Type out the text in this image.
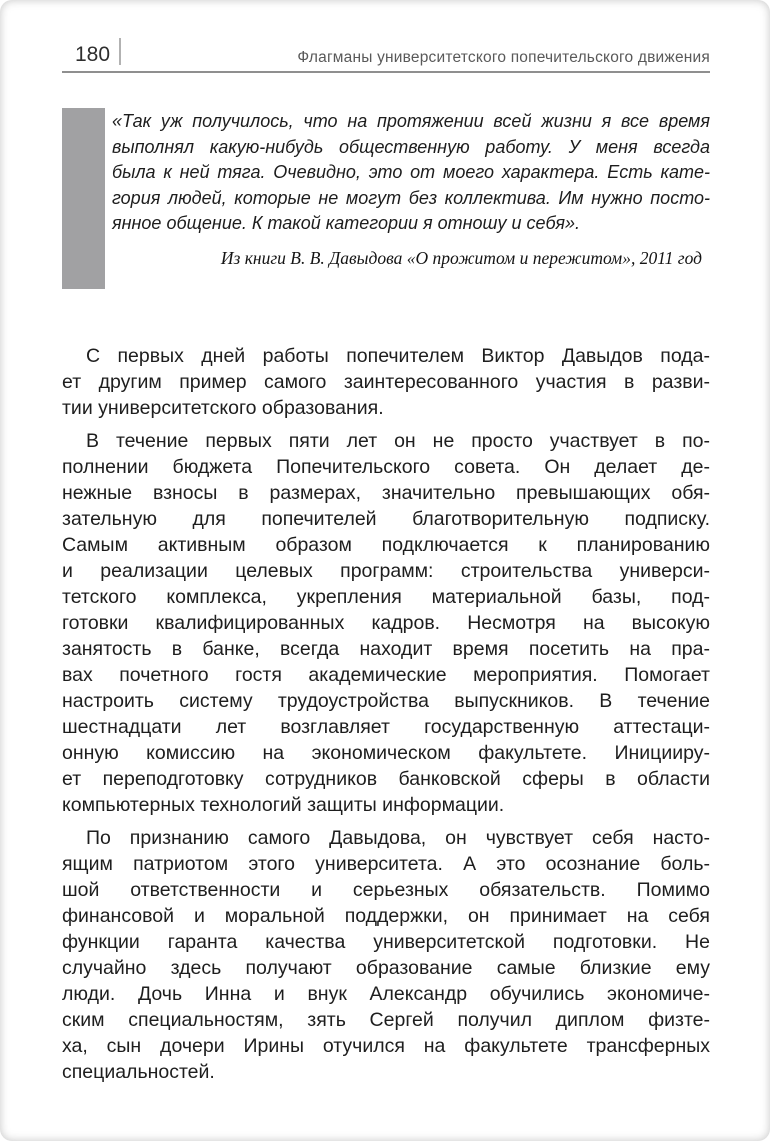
180	Флагманы университетского попечительского движения
«Так уж получилось, что на протяжении всей жизни я все время
выполнял какую-нибудь общественную работу. У меня всегда
была к ней тяга. Очевидно, это от моего характера. Есть кате-
гория людей, которые не могут без коллектива. Им нужно посто-
янное общение. К такой категории я отношу и себя».
Из книги В. В. Давыдова «О прожитом и пережитом», 2011 год
С первых дней работы попечителем Виктор Давыдов пода-
ет другим пример самого заинтересованного участия в разви-
тии университетского образования.
В течение первых пяти лет он не просто участвует в по-
полнении бюджета Попечительского совета. Он делает де-
нежные взносы в размерах, значительно превышающих обя-
зательную для попечителей благотворительную подписку.
Самым активным образом подключается к планированию
и реализации целевых программ: строительства универси-
тетского комплекса, укрепления материальной базы, под-
готовки квалифицированных кадров. Несмотря на высокую
занятость в банке, всегда находит время посетить на пра-
вах почетного гостя академические мероприятия. Помогает
настроить систему трудоустройства выпускников. В течение
шестнадцати лет возглавляет государственную аттестаци-
онную комиссию на экономическом факультете. Иницииру-
ет переподготовку сотрудников банковской сферы в области
компьютерных технологий защиты информации.
По признанию самого Давыдова, он чувствует себя насто-
ящим патриотом этого университета. А это осознание боль-
шой ответственности и серьезных обязательств. Помимо
финансовой и моральной поддержки, он принимает на себя
функции гаранта качества университетской подготовки. Не
случайно здесь получают образование самые близкие ему
люди. Дочь Инна и внук Александр обучились экономиче-
ским специальностям, зять Сергей получил диплом физте-
ха, сын дочери Ирины отучился на факультете трансферных
специальностей.
